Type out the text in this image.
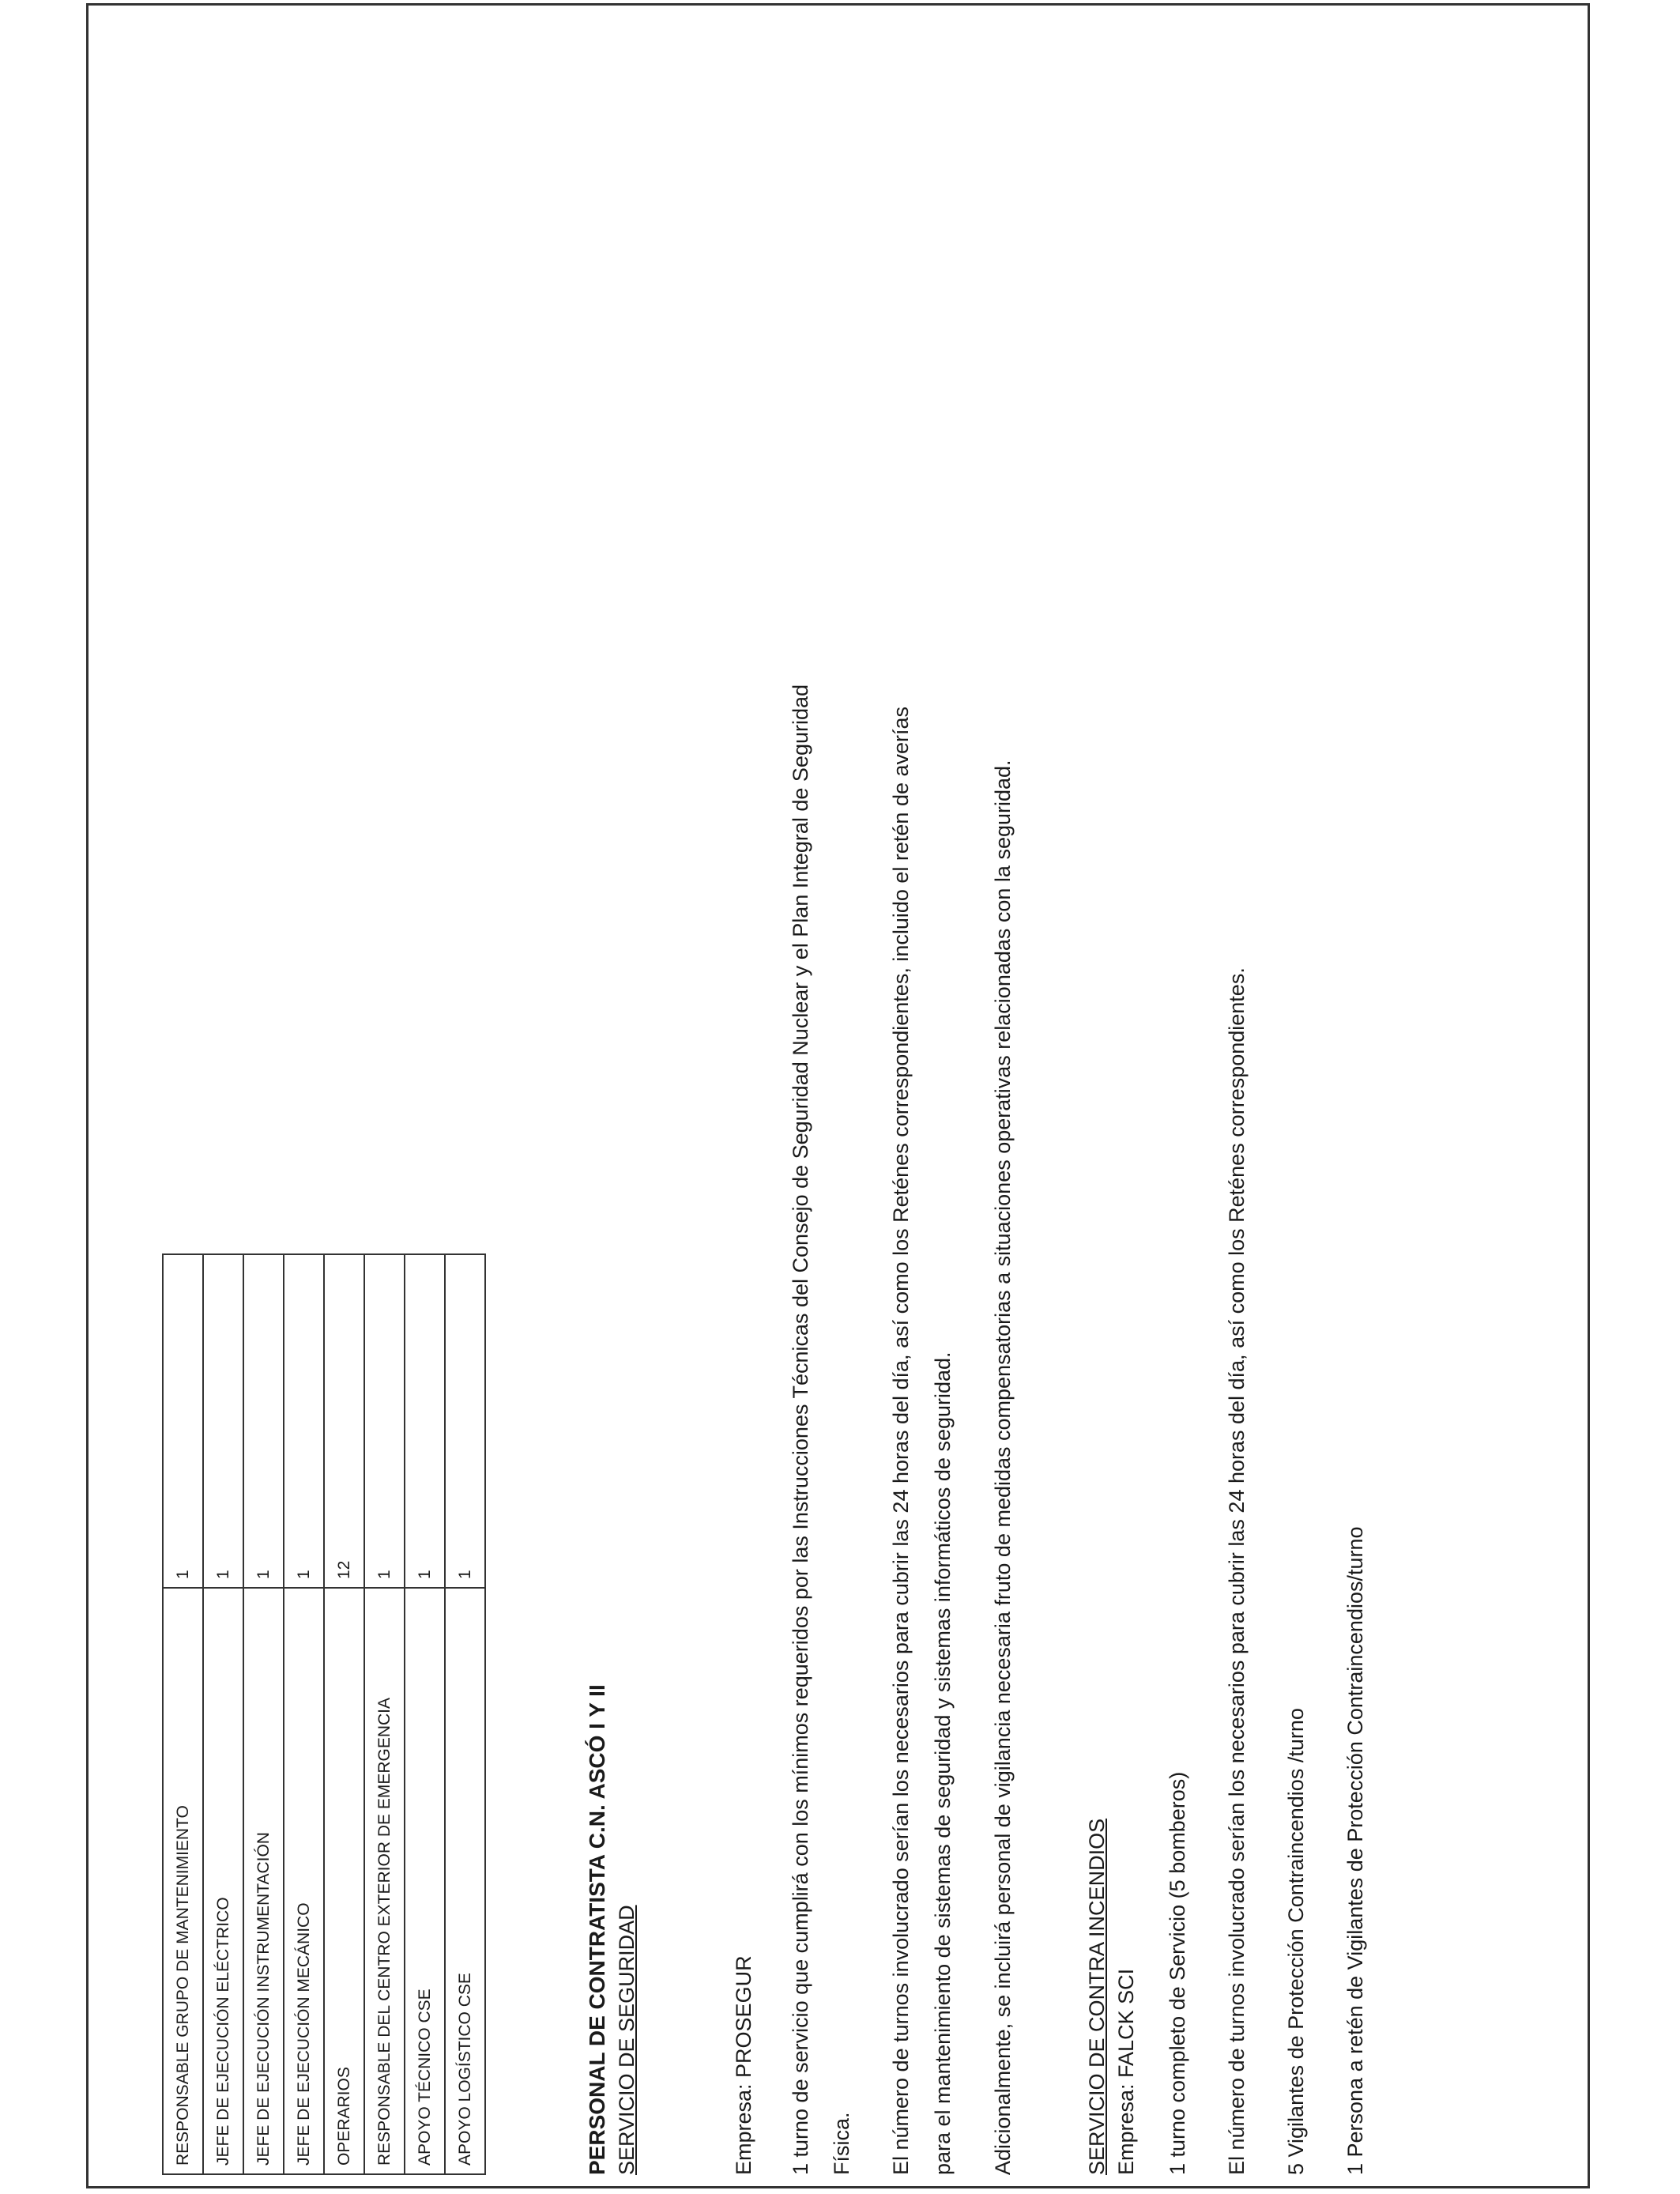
RESPONSABLE GRUPO DE MANTENIMIENTO	1
JEFE DE EJECUCIÓN ELÉCTRICO	1
JEFE DE EJECUCIÓN INSTRUMENTACIÓN	1
JEFE DE EJECUCIÓN MECÁNICO	1
OPERARIOS	12
RESPONSABLE DEL CENTRO EXTERIOR DE EMERGENCIA	1
APOYO TÉCNICO CSE	1
APOYO LOGÍSTICO CSE	1
PERSONAL DE CONTRATISTA C.N. ASCÓ I Y II SERVICIO DE SEGURIDAD	Empresa: PROSEGUR 1 turno de servicio que cumplirá con los mínimos requeridos por las Instrucciones Técnicas del Consejo de Seguridad Nuclear y el Plan Integral de Seguridad Física. El número de turnos involucrado serían los necesarios para cubrir las 24 horas del día, así como los Reténes correspondientes, incluido el retén de averías para el mantenimiento de sistemas de seguridad y sistemas informáticos de seguridad. Adicionalmente, se incluirá personal de vigilancia necesaria fruto de medidas compensatorias a situaciones operativas relacionadas con la seguridad.	SERVICIO DE CONTRA INCENDIOS Empresa: FALCK SCI 1 turno completo de Servicio (5 bomberos) El número de turnos involucrado serían los necesarios para cubrir las 24 horas del día, así como los Reténes correspondientes. 5 Vigilantes de Protección Contraincendios /turno 1 Persona a retén de Vigilantes de Protección Contraincendios/turno
